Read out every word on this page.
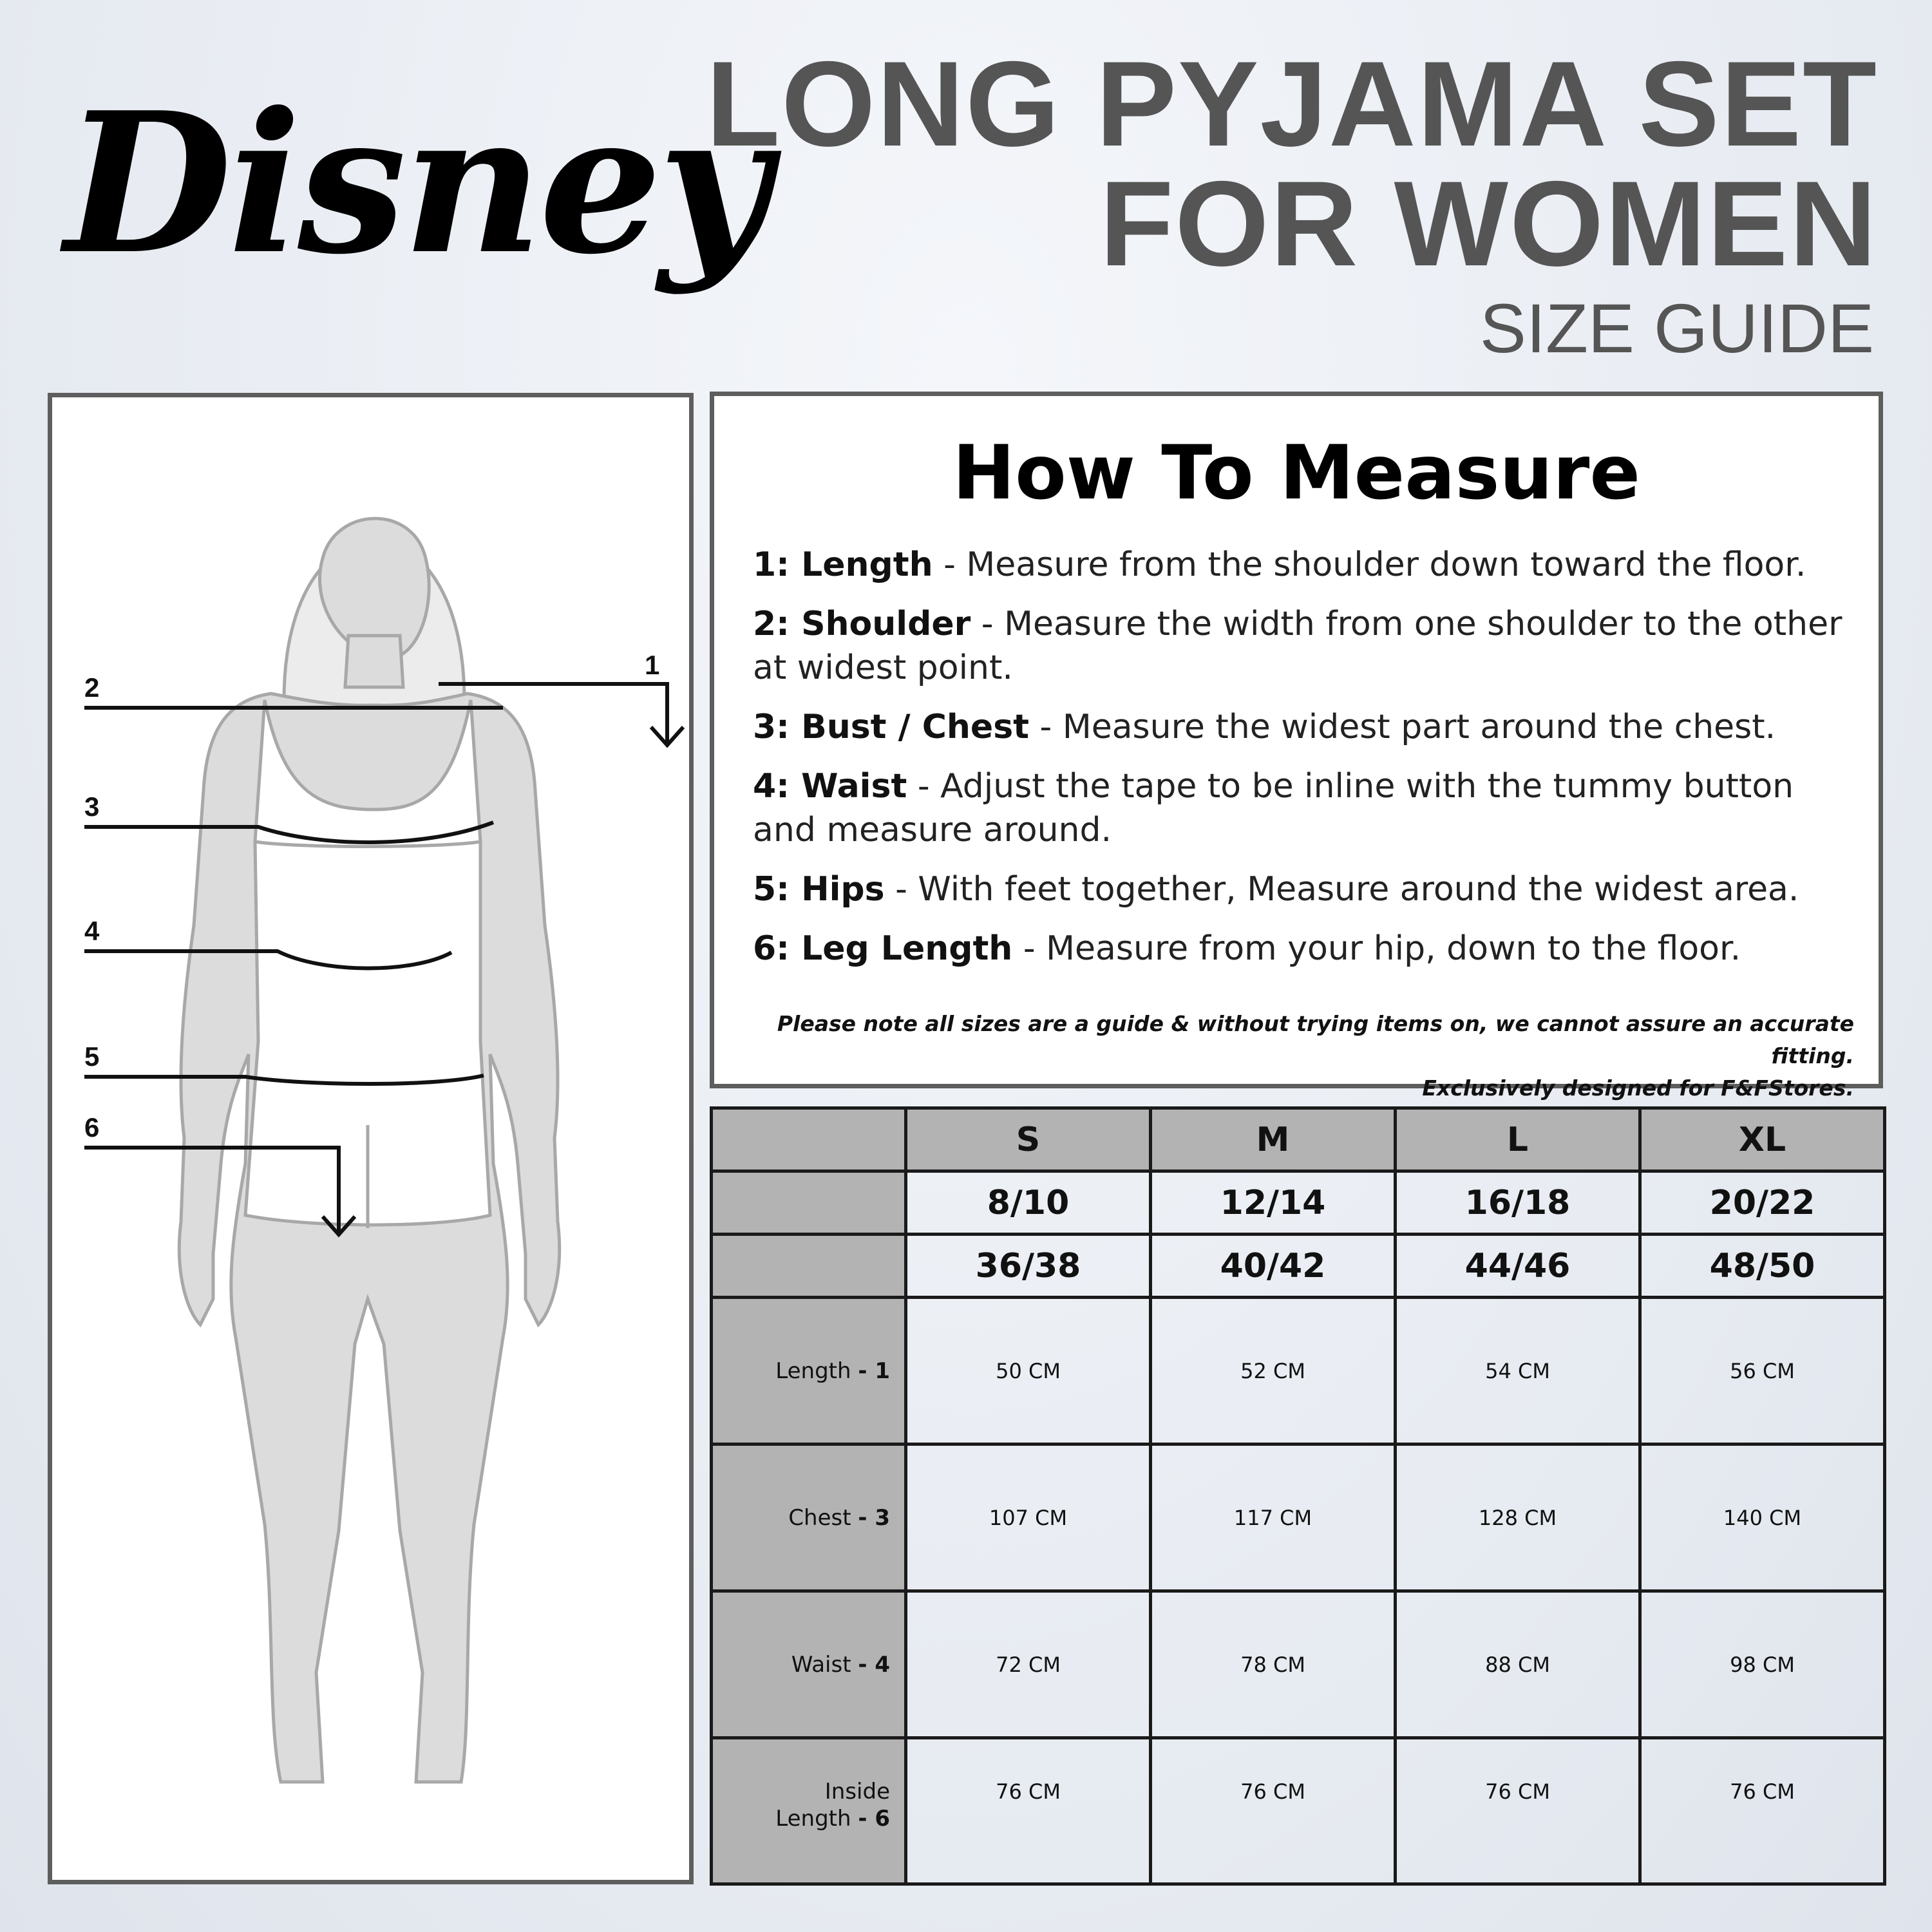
Disney
LONG PYJAMA SET
FOR WOMEN
SIZE GUIDE
1
2
3
4
5
6
How To Measure
1: Length - Measure from the shoulder down toward the floor.
2: Shoulder - Measure the width from one shoulder to the other at widest point.
3: Bust / Chest - Measure the widest part around the chest.
4: Waist - Adjust the tape to be inline with the tummy button and measure around.
5: Hips - With feet together, Measure around the widest area.
6: Leg Length - Measure from your hip, down to the floor.
Please note all sizes are a guide & without trying items on, we cannot assure an accurate fitting.
Exclusively designed for F&FStores.
	S	M	L	XL
	8/10	12/14	16/18	20/22
	36/38	40/42	44/46	48/50
Length - 1	50 CM	52 CM	54 CM	56 CM
Chest - 3	107 CM	117 CM	128 CM	140 CM
Waist - 4	72 CM	78 CM	88 CM	98 CM
Inside
Length - 6	76 CM	76 CM	76 CM	76 CM
